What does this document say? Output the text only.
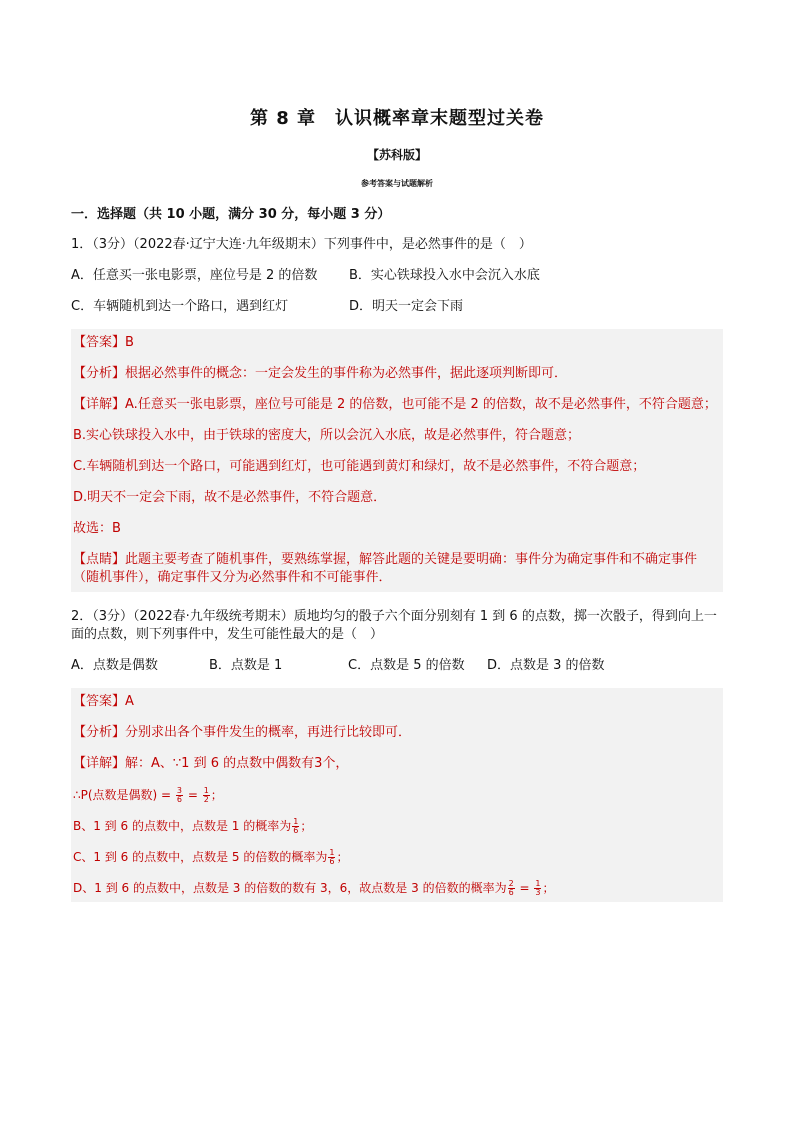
第 8 章　认识概率章末题型过关卷
【苏科版】
参考答案与试题解析
一．选择题（共 10 小题，满分 30 分，每小题 3 分）
1．（3分）（2022春·辽宁大连·九年级期末）下列事件中，是必然事件的是（　）
A．任意买一张电影票，座位号是 2 的倍数	B．实心铁球投入水中会沉入水底
C．车辆随机到达一个路口，遇到红灯	D．明天一定会下雨
【答案】B
【分析】根据必然事件的概念：一定会发生的事件称为必然事件，据此逐项判断即可．
【详解】A.任意买一张电影票，座位号可能是 2 的倍数，也可能不是 2 的倍数，故不是必然事件，不符合题意；
B.实心铁球投入水中，由于铁球的密度大，所以会沉入水底，故是必然事件，符合题意；
C.车辆随机到达一个路口，可能遇到红灯，也可能遇到黄灯和绿灯，故不是必然事件，不符合题意；
D.明天不一定会下雨，故不是必然事件，不符合题意．
故选：B
【点睛】此题主要考查了随机事件，要熟练掌握，解答此题的关键是要明确：事件分为确定事件和不确定事件（随机事件），确定事件又分为必然事件和不可能事件．
2．（3分）（2022春·九年级统考期末）质地均匀的骰子六个面分别刻有 1 到 6 的点数，掷一次骰子，得到向上一面的点数，则下列事件中，发生可能性最大的是（　）
A．点数是偶数	B．点数是 1	C．点数是 5 的倍数	D．点数是 3 的倍数
【答案】A
【分析】分别求出各个事件发生的概率，再进行比较即可．
【详解】解：A、∵1 到 6 的点数中偶数有3个，
∴P(点数是偶数) = $\frac{3}{6} = \frac{1}{2}$ ；
B、1 到 6 的点数中，点数是 1 的概率为 $\frac{1}{6}$ ；
C、1 到 6 的点数中，点数是 5 的倍数的概率为 $\frac{1}{6}$ ；
D、1 到 6 的点数中，点数是 3 的倍数的数有 3，6，故点数是 3 的倍数的概率为 $\frac{2}{6} = \frac{1}{3}$ ；
